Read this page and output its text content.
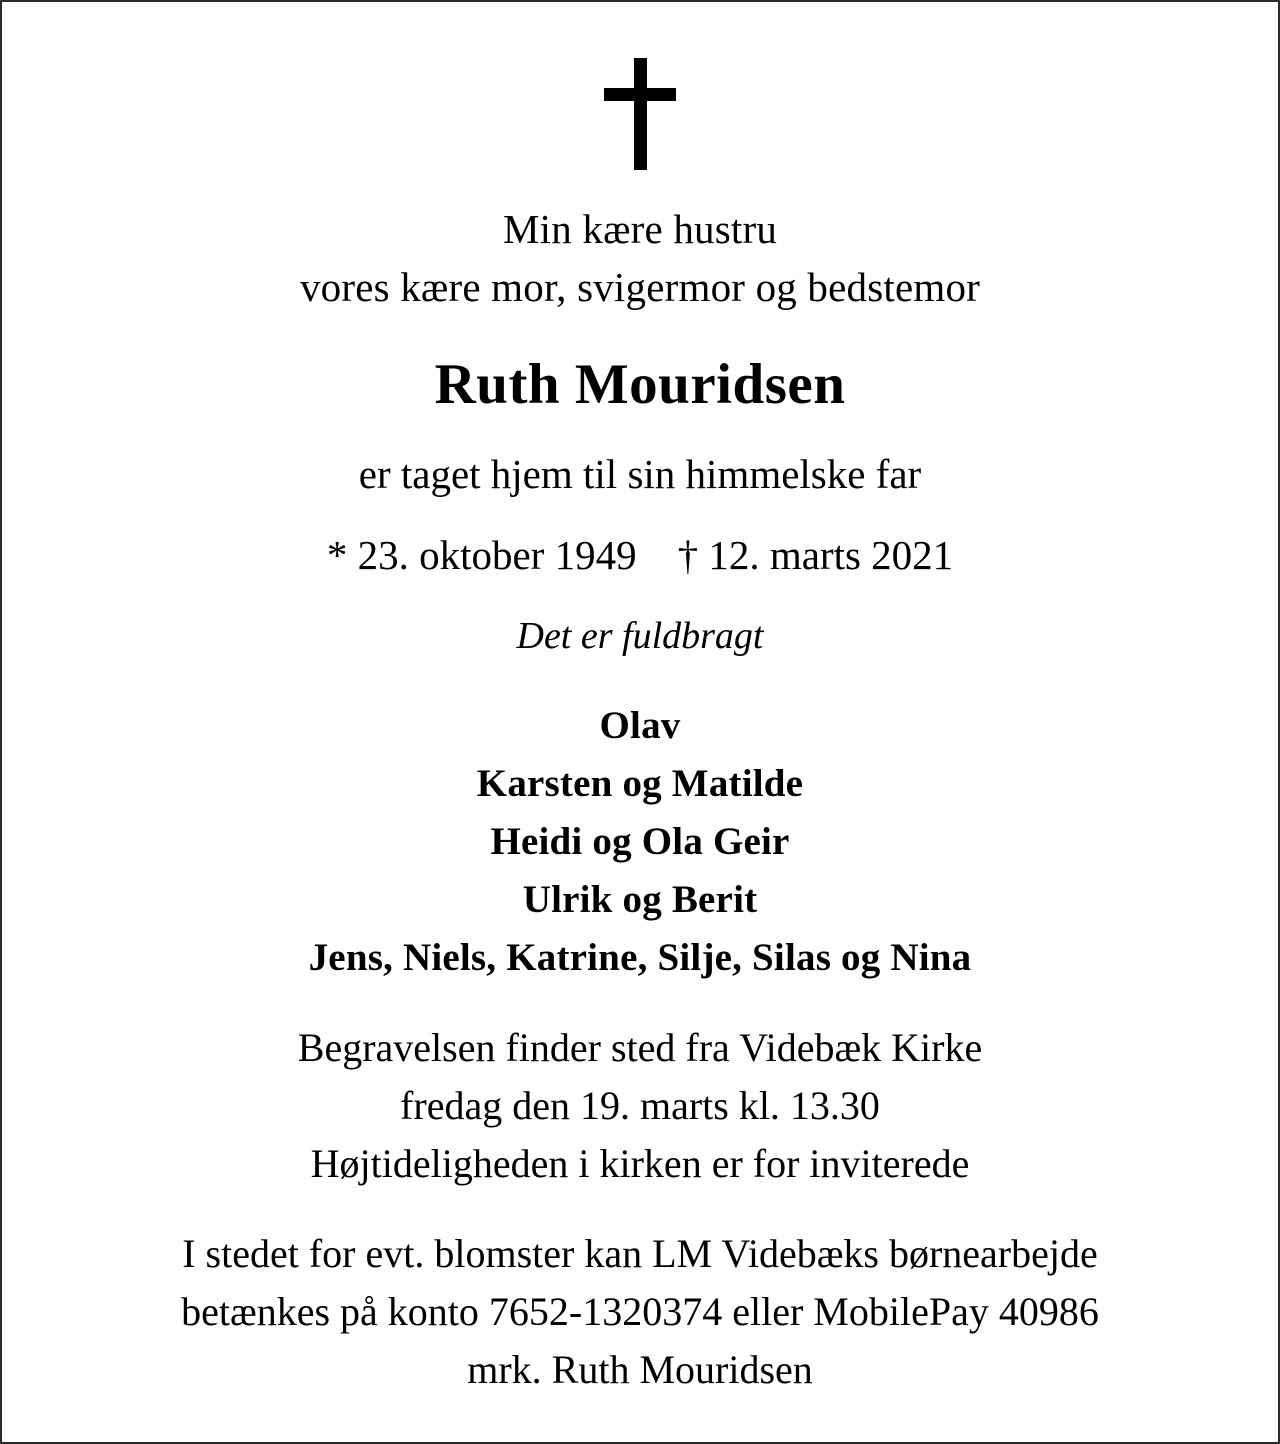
Min kære hustru
vores kære mor, svigermor og bedstemor
Ruth Mouridsen
er taget hjem til sin himmelske far
* 23. oktober 1949    † 12. marts 2021
Det er fuldbragt
Olav
Karsten og Matilde
Heidi og Ola Geir
Ulrik og Berit
Jens, Niels, Katrine, Silje, Silas og Nina
Begravelsen finder sted fra Videbæk Kirke
fredag den 19. marts kl. 13.30
Højtideligheden i kirken er for inviterede
I stedet for evt. blomster kan LM Videbæks børnearbejde
betænkes på konto 7652-1320374 eller MobilePay 40986
mrk. Ruth Mouridsen
